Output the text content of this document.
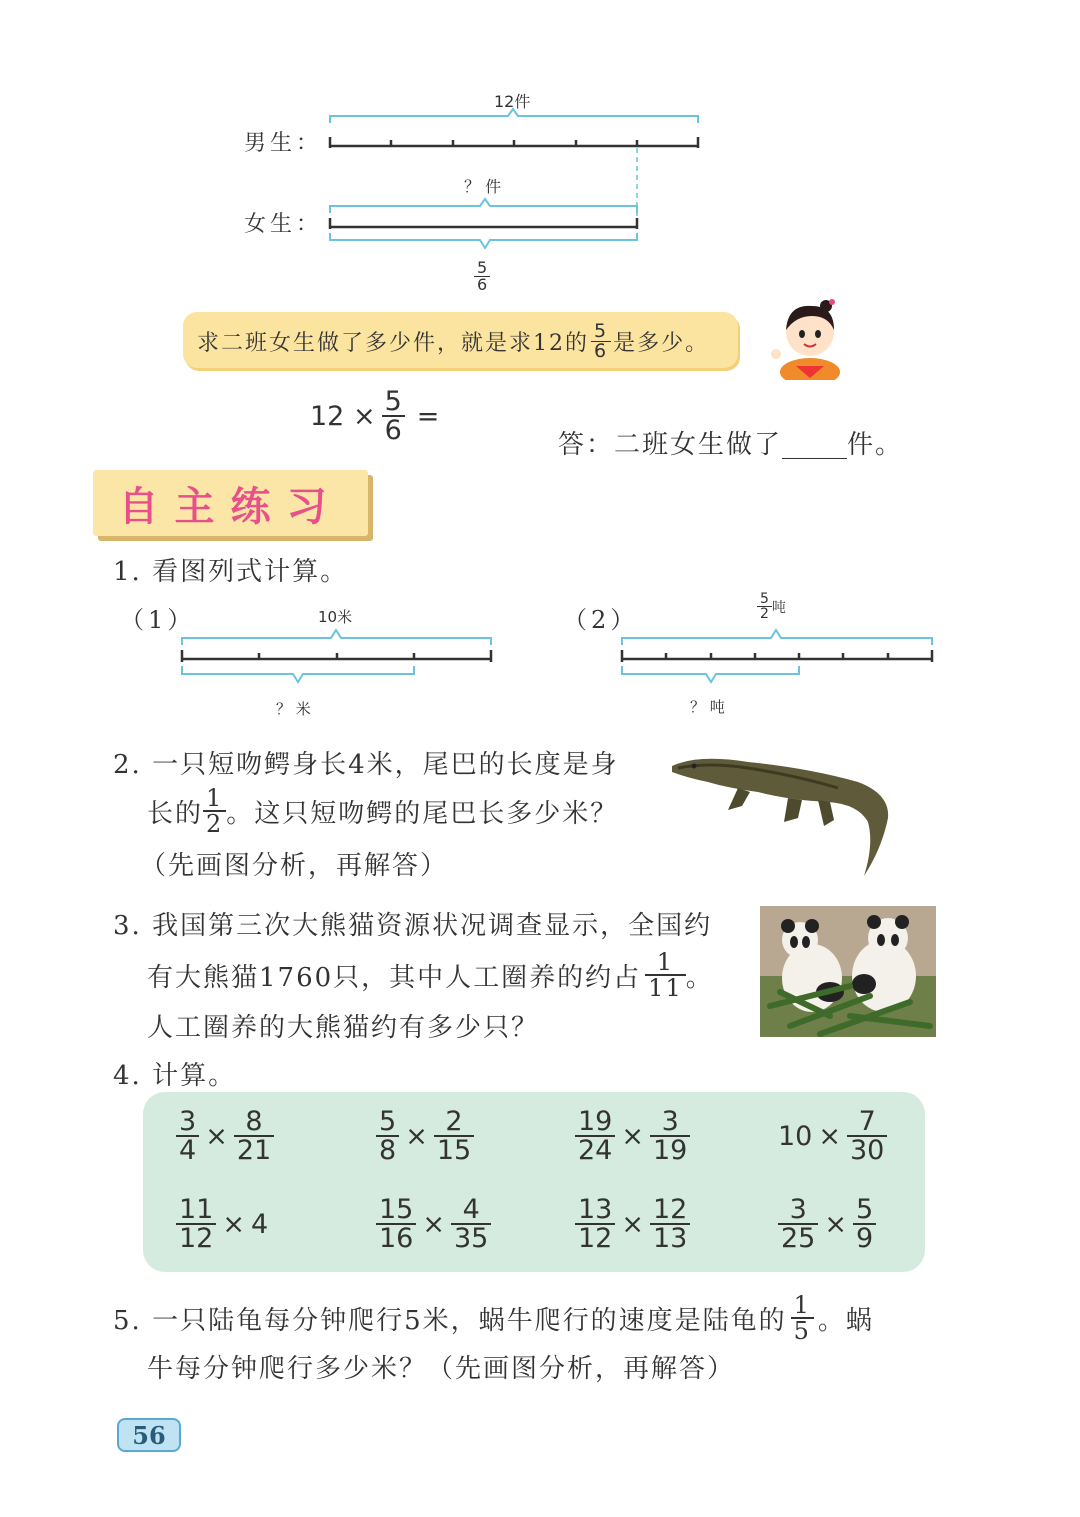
男生：
女生：
12件
？ 件
$\frac{5}{6}$
求二班女生做了多少件，就是求12的 $\frac{5}{6}$ 是多少。
$12 \times \frac{5}{6}$ =
答：二班女生做了_____件。
自主练习
1. 看图列式计算。
（1）	（2）
10米
？ 米
$\frac{5}{2}$ 吨
？ 吨
2. 一只短吻鳄身长4米，尾巴的长度是身
长的 $\frac{1}{2}$ 。这只短吻鳄的尾巴长多少米？
（先画图分析，再解答）
3. 我国第三次大熊猫资源状况调查显示，全国约
有大熊猫1760只，其中人工圈养的约占 $\frac{1}{11}$ 。
人工圈养的大熊猫约有多少只？
4. 计算。
$\frac{3}{4} \times \frac{8}{21}$	$\frac{5}{8} \times \frac{2}{15}$	$\frac{19}{24} \times \frac{3}{19}$	$10 \times \frac{7}{30}$
$\frac{11}{12} \times 4$	$\frac{15}{16} \times \frac{4}{35}$	$\frac{13}{12} \times \frac{12}{13}$	$\frac{3}{25} \times \frac{5}{9}$
5. 一只陆龟每分钟爬行5米，蜗牛爬行的速度是陆龟的 $\frac{1}{5}$ 。蜗
牛每分钟爬行多少米？（先画图分析，再解答）
56
